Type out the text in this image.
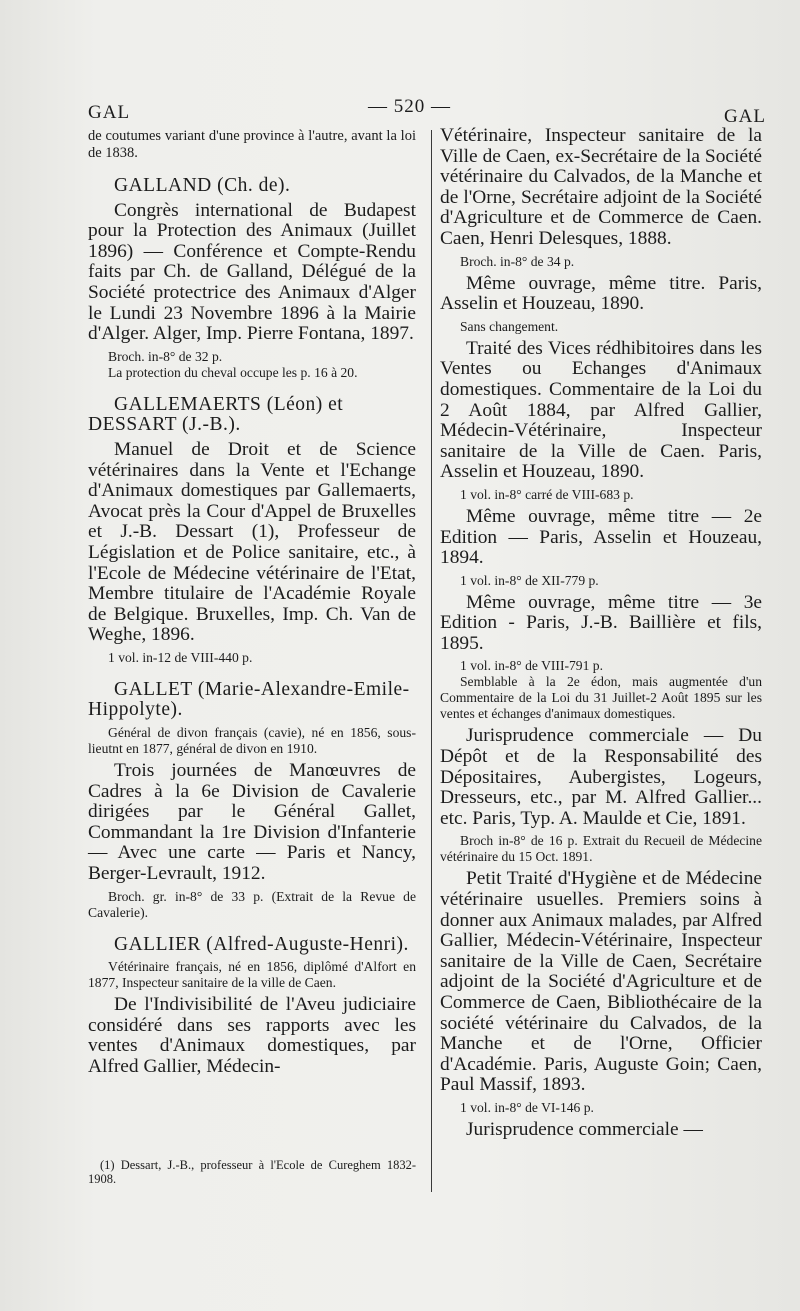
GAL	— 520 —	GAL

de coutumes variant d'une province à l'autre, avant la loi de 1838.

GALLAND (Ch. de).

Congrès international de Budapest pour la Protection des Animaux (Juillet 1896) — Conférence et Compte-Rendu faits par Ch. de Galland, Délégué de la Société protectrice des Animaux d'Alger le Lundi 23 Novembre 1896 à la Mairie d'Alger. Alger, Imp. Pierre Fontana, 1897.

Broch. in-8° de 32 p.

La protection du cheval occupe les p. 16 à 20.

GALLEMAERTS (Léon) et DESSART (J.-B.).

Manuel de Droit et de Science vétérinaires dans la Vente et l'Echange d'Animaux domestiques par Gallemaerts, Avocat près la Cour d'Appel de Bruxelles et J.-B. Dessart (1), Professeur de Législation et de Police sanitaire, etc., à l'Ecole de Médecine vétérinaire de l'Etat, Membre titulaire de l'Académie Royale de Belgique. Bruxelles, Imp. Ch. Van de Weghe, 1896.

1 vol. in-12 de VIII-440 p.

GALLET (Marie-Alexandre-Emile-Hippolyte).

Général de divon français (cavie), né en 1856, sous-lieutnt en 1877, général de divon en 1910.

Trois journées de Manœuvres de Cadres à la 6e Division de Cavalerie dirigées par le Général Gallet, Commandant la 1re Division d'Infanterie — Avec une carte — Paris et Nancy, Berger-Levrault, 1912.

Broch. gr. in-8° de 33 p. (Extrait de la Revue de Cavalerie).

GALLIER (Alfred-Auguste-Henri).

Vétérinaire français, né en 1856, diplômé d'Alfort en 1877, Inspecteur sanitaire de la ville de Caen.

De l'Indivisibilité de l'Aveu judiciaire considéré dans ses rapports avec les ventes d'Animaux domestiques, par Alfred Gallier, Médecin-

(1) Dessart, J.-B., professeur à l'Ecole de Cureghem 1832-1908.

Vétérinaire, Inspecteur sanitaire de la Ville de Caen, ex-Secrétaire de la Société vétérinaire du Calvados, de la Manche et de l'Orne, Secrétaire adjoint de la Société d'Agriculture et de Commerce de Caen. Caen, Henri Delesques, 1888.

Broch. in-8° de 34 p.

Même ouvrage, même titre. Paris, Asselin et Houzeau, 1890.

Sans changement.

Traité des Vices rédhibitoires dans les Ventes ou Echanges d'Animaux domestiques. Commentaire de la Loi du 2 Août 1884, par Alfred Gallier, Médecin-Vétérinaire, Inspecteur sanitaire de la Ville de Caen. Paris, Asselin et Houzeau, 1890.

1 vol. in-8° carré de VIII-683 p.

Même ouvrage, même titre — 2e Edition — Paris, Asselin et Houzeau, 1894.

1 vol. in-8° de XII-779 p.

Même ouvrage, même titre — 3e Edition - Paris, J.-B. Baillière et fils, 1895.

1 vol. in-8° de VIII-791 p.

Semblable à la 2e édon, mais augmentée d'un Commentaire de la Loi du 31 Juillet-2 Août 1895 sur les ventes et échanges d'animaux domestiques.

Jurisprudence commerciale — Du Dépôt et de la Responsabilité des Dépositaires, Aubergistes, Logeurs, Dresseurs, etc., par M. Alfred Gallier... etc. Paris, Typ. A. Maulde et Cie, 1891.

Broch in-8° de 16 p. Extrait du Recueil de Médecine vétérinaire du 15 Oct. 1891.

Petit Traité d'Hygiène et de Médecine vétérinaire usuelles. Premiers soins à donner aux Animaux malades, par Alfred Gallier, Médecin-Vétérinaire, Inspecteur sanitaire de la Ville de Caen, Secrétaire adjoint de la Société d'Agriculture et de Commerce de Caen, Bibliothécaire de la société vétérinaire du Calvados, de la Manche et de l'Orne, Officier d'Académie. Paris, Auguste Goin; Caen, Paul Massif, 1893.

1 vol. in-8° de VI-146 p.

Jurisprudence commerciale —
